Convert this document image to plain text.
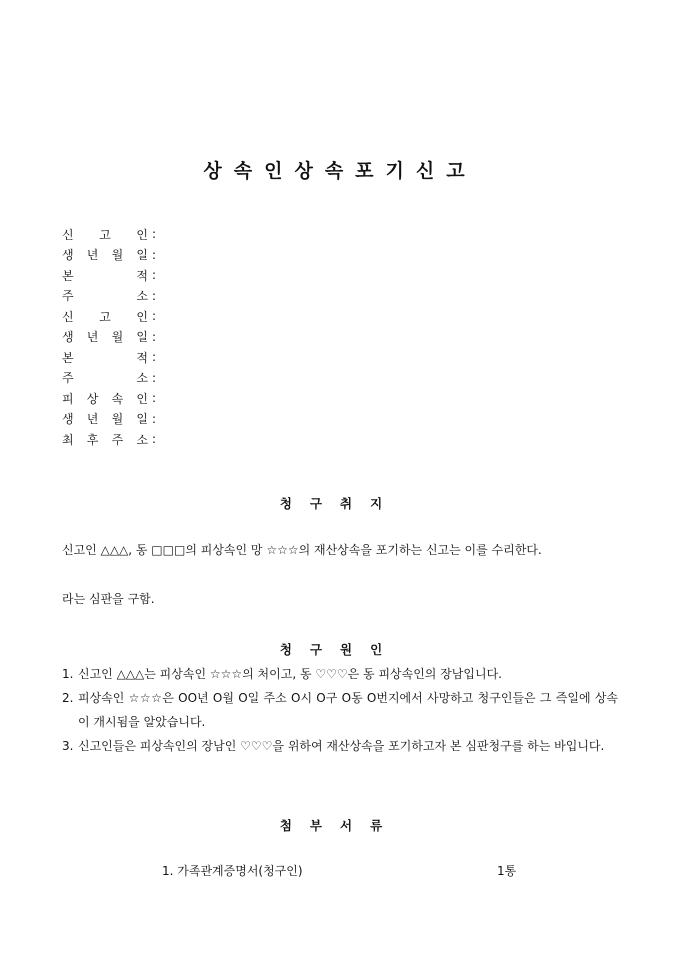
상속인상속포기신고
신 고 인 :
생 년 월 일 :
본	적 :
주	소 :
신 고 인 :
생 년 월 일 :
본	적 :
주	소 :
피 상 속 인 :
생 년 월 일 :
최 후 주 소 :
청구취지
신고인 △△△, 동 □□□의 피상속인 망 ☆☆☆의 재산상속을 포기하는 신고는 이를 수리한다.
라는 심판을 구함.
청구원인
1. 신고인 △△△는 피상속인 ☆☆☆의 처이고, 동 ♡♡♡은 동 피상속인의 장남입니다.
2. 피상속인 ☆☆☆은 OO년 O월 O일 주소 O시 O구 O동 O번지에서 사망하고 청구인들은 그 즉일에 상속이 개시됨을 알았습니다.
3. 신고인들은 피상속인의 장남인 ♡♡♡을 위하여 재산상속을 포기하고자 본 심판청구를 하는 바입니다.
첨부서류
1. 가족관계증명서(청구인)	1통
